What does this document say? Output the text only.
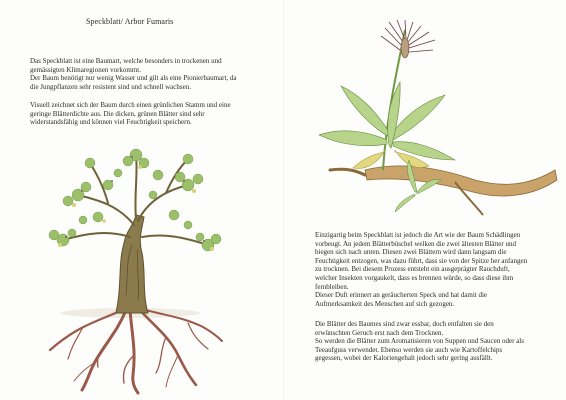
Speckblatt/ Arbor Fumaris

Das Speckblatt ist eine Baumart, welche besonders in trockenen und
gemässigten Klimaregionen vorkommt.
Der Baum benötigt nur wenig Wasser und gilt als eine Pionierbaumart, da
die Jungpflanzen sehr resistent sind und schnell wachsen.

Visuell zeichnet sich der Baum durch einen grünlichen Stamm und eine
geringe Blätterdichte aus. Die dicken, grünen Blätter sind sehr
widerstandsfähig und können viel Feuchtigkeit speichern.

Einzigartig beim Speckblatt ist jedoch die Art wie der Baum Schädlingen
vorbeugt. An jedem Blätterbüschel welken die zwei ältesten Blätter und
biegen sich nach unten. Diesen zwei Blättern wird dann langsam die
Feuchtigkeit entzogen, was dazu führt, dass sie von der Spitze her anfangen
zu trocknen. Bei diesem Prozess entsteht ein ausgeprägter Rauchduft,
welcher Insekten vorgaukelt, dass es brennen würde, so dass diese ihm
fernbleiben.
Dieser Duft erinnert an geräucherten Speck und hat damit die
Aufmerksamkeit des Menschen auf sich gezogen.

Die Blätter des Baumes sind zwar essbar, doch entfalten sie den
erwünschten Geruch erst nach dem Trocknen.
So werden die Blätter zum Aromatisieren von Suppen und Saucen oder als
Teeaufguss verwendet. Ebenso werden sie auch wie Kartoffelchips
gegessen, wobei der Kaloriengehalt jedoch sehr gering ausfällt.
